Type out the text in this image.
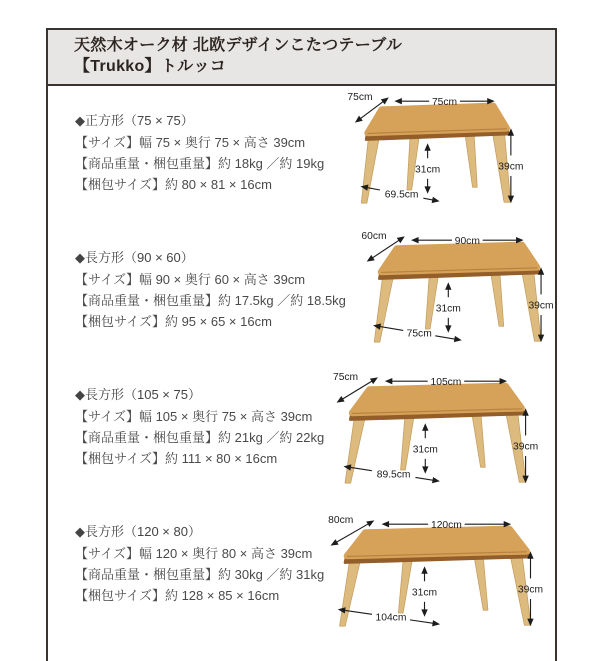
天然木オーク材 北欧デザインこたつテーブル
【Trukko】トルッコ
◆正方形（75 × 75）
【サイズ】幅 75 × 奥行 75 × 高さ 39cm
【商品重量・梱包重量】約 18kg ／約 19kg
【梱包サイズ】約 80 × 81 × 16cm
75cm	75cm
39cm
31cm
69.5cm
◆長方形（90 × 60）
【サイズ】幅 90 × 奥行 60 × 高さ 39cm
【商品重量・梱包重量】約 17.5kg ／約 18.5kg
【梱包サイズ】約 95 × 65 × 16cm
60cm	90cm
39cm
31cm
75cm
◆長方形（105 × 75）
【サイズ】幅 105 × 奥行 75 × 高さ 39cm
【商品重量・梱包重量】約 21kg ／約 22kg
【梱包サイズ】約 111 × 80 × 16cm
75cm	105cm
39cm
31cm
89.5cm
◆長方形（120 × 80）
【サイズ】幅 120 × 奥行 80 × 高さ 39cm
【商品重量・梱包重量】約 30kg ／約 31kg
【梱包サイズ】約 128 × 85 × 16cm
80cm	120cm
39cm
31cm
104cm
